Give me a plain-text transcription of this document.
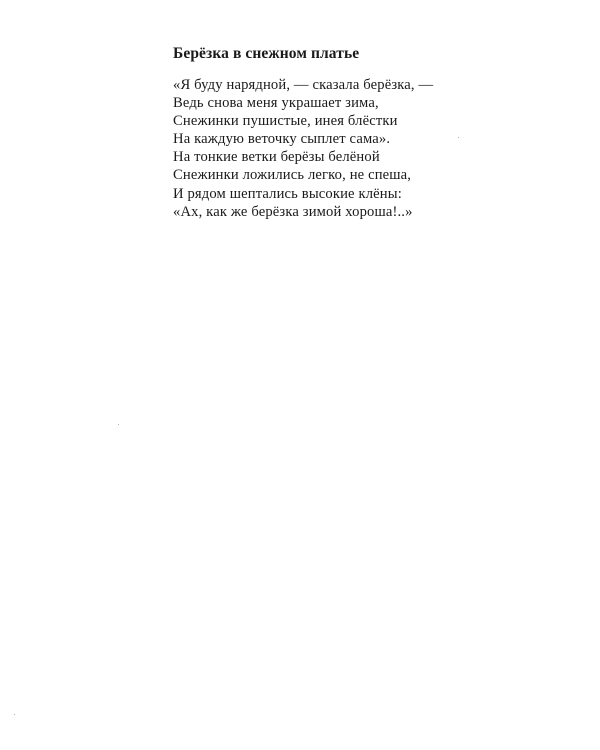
Берёзка в снежном платье
«Я буду нарядной, — сказала берёзка, —
Ведь снова меня украшает зима,
Снежинки пушистые, инея блёстки
На каждую веточку сыплет сама».
На тонкие ветки берёзы белёной
Снежинки ложились легко, не спеша,
И рядом шептались высокие клёны:
«Ах, как же берёзка зимой хороша!..»
